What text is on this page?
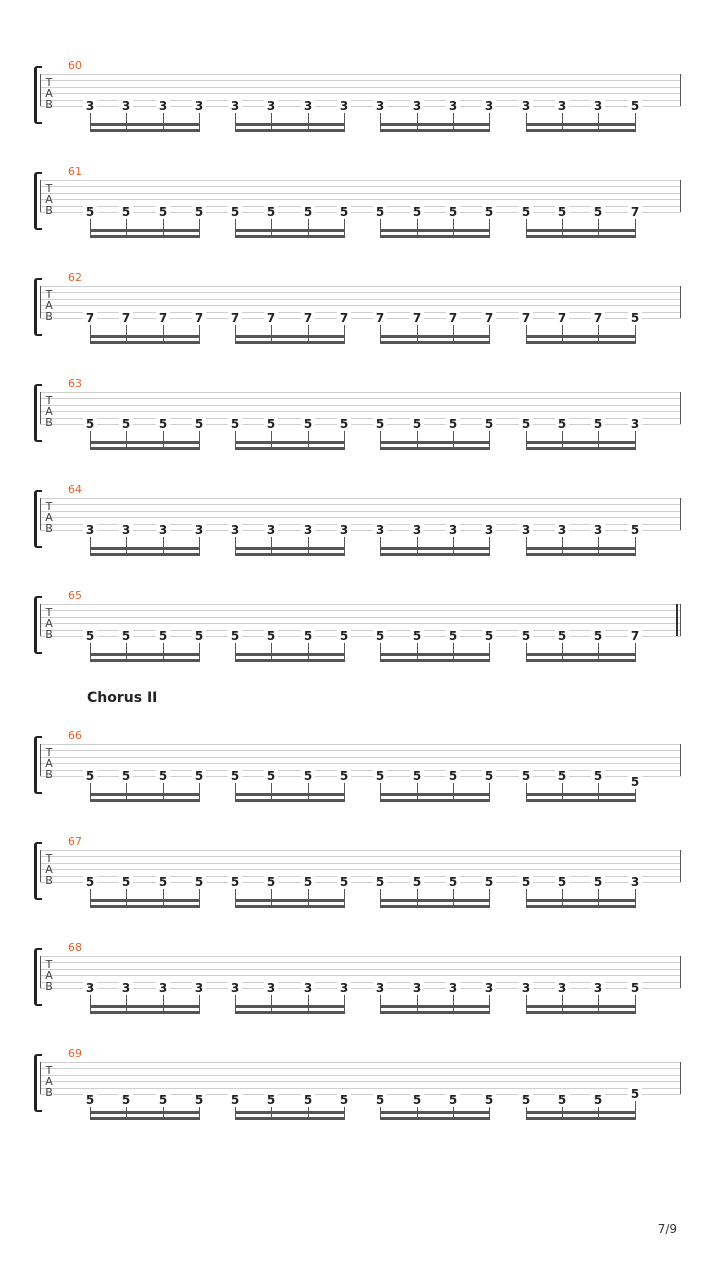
Chorus II
7/9
60
T
A
B	3 3 3 3 3 3 3 3 3 3 3 3 3 3 3 5
61
T
A
B	5 5 5 5 5 5 5 5 5 5 5 5 5 5 5 7
62
T
A
B	7 7 7 7 7 7 7 7 7 7 7 7 7 7 7 5
63
T
A
B	5 5 5 5 5 5 5 5 5 5 5 5 5 5 5 3
64
T
A
B	3 3 3 3 3 3 3 3 3 3 3 3 3 3 3 5
65
T
A
B	5 5 5 5 5 5 5 5 5 5 5 5 5 5 5 7
66
T
A
B	5 5 5 5 5 5 5 5 5 5 5 5 5 5 5 5
67
T
A
B	5 5 5 5 5 5 5 5 5 5 5 5 5 5 5 3
68
T
A
B	3 3 3 3 3 3 3 3 3 3 3 3 3 3 3 5
69
T
A
B
5 5 5 5 5 5 5 5 5 5 5 5 5 5 5 5
